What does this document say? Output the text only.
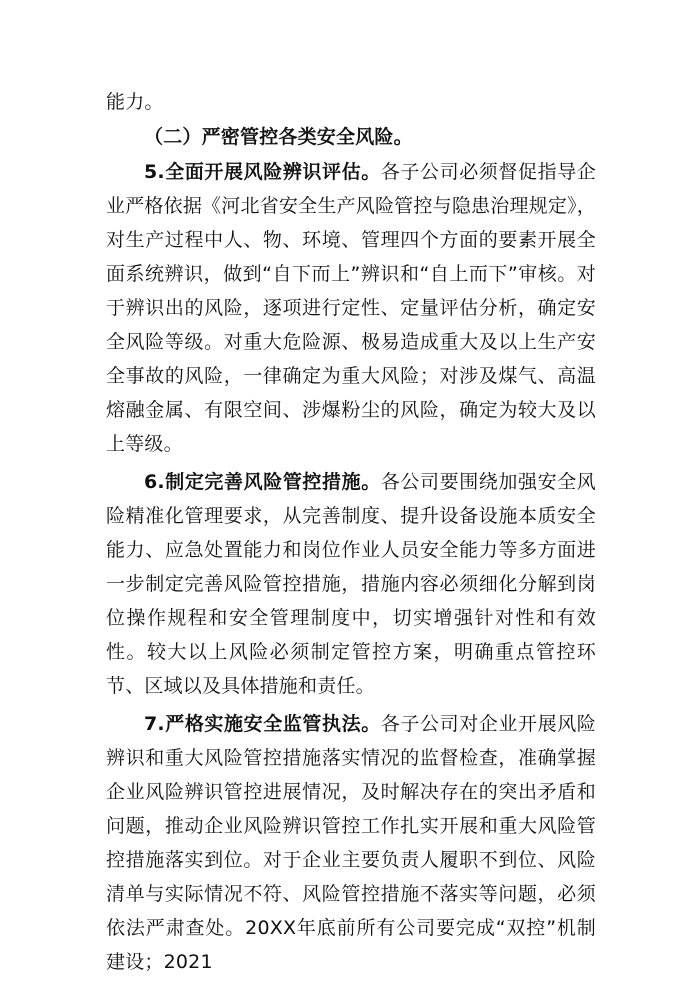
能力。

（二）严密管控各类安全风险。

5.全面开展风险辨识评估。各子公司必须督促指导企业严格依据《河北省安全生产风险管控与隐患治理规定》，对生产过程中人、物、环境、管理四个方面的要素开展全面系统辨识，做到“自下而上”辨识和“自上而下”审核。对于辨识出的风险，逐项进行定性、定量评估分析，确定安全风险等级。对重大危险源、极易造成重大及以上生产安全事故的风险，一律确定为重大风险；对涉及煤气、高温熔融金属、有限空间、涉爆粉尘的风险，确定为较大及以上等级。

6.制定完善风险管控措施。各公司要围绕加强安全风险精准化管理要求，从完善制度、提升设备设施本质安全能力、应急处置能力和岗位作业人员安全能力等多方面进一步制定完善风险管控措施，措施内容必须细化分解到岗位操作规程和安全管理制度中，切实增强针对性和有效性。较大以上风险必须制定管控方案，明确重点管控环节、区域以及具体措施和责任。

7.严格实施安全监管执法。各子公司对企业开展风险辨识和重大风险管控措施落实情况的监督检查，准确掌握企业风险辨识管控进展情况，及时解决存在的突出矛盾和问题，推动企业风险辨识管控工作扎实开展和重大风险管控措施落实到位。对于企业主要负责人履职不到位、风险清单与实际情况不符、风险管控措施不落实等问题，必须依法严肃查处。20XX年底前所有公司要完成“双控”机制建设；2021
